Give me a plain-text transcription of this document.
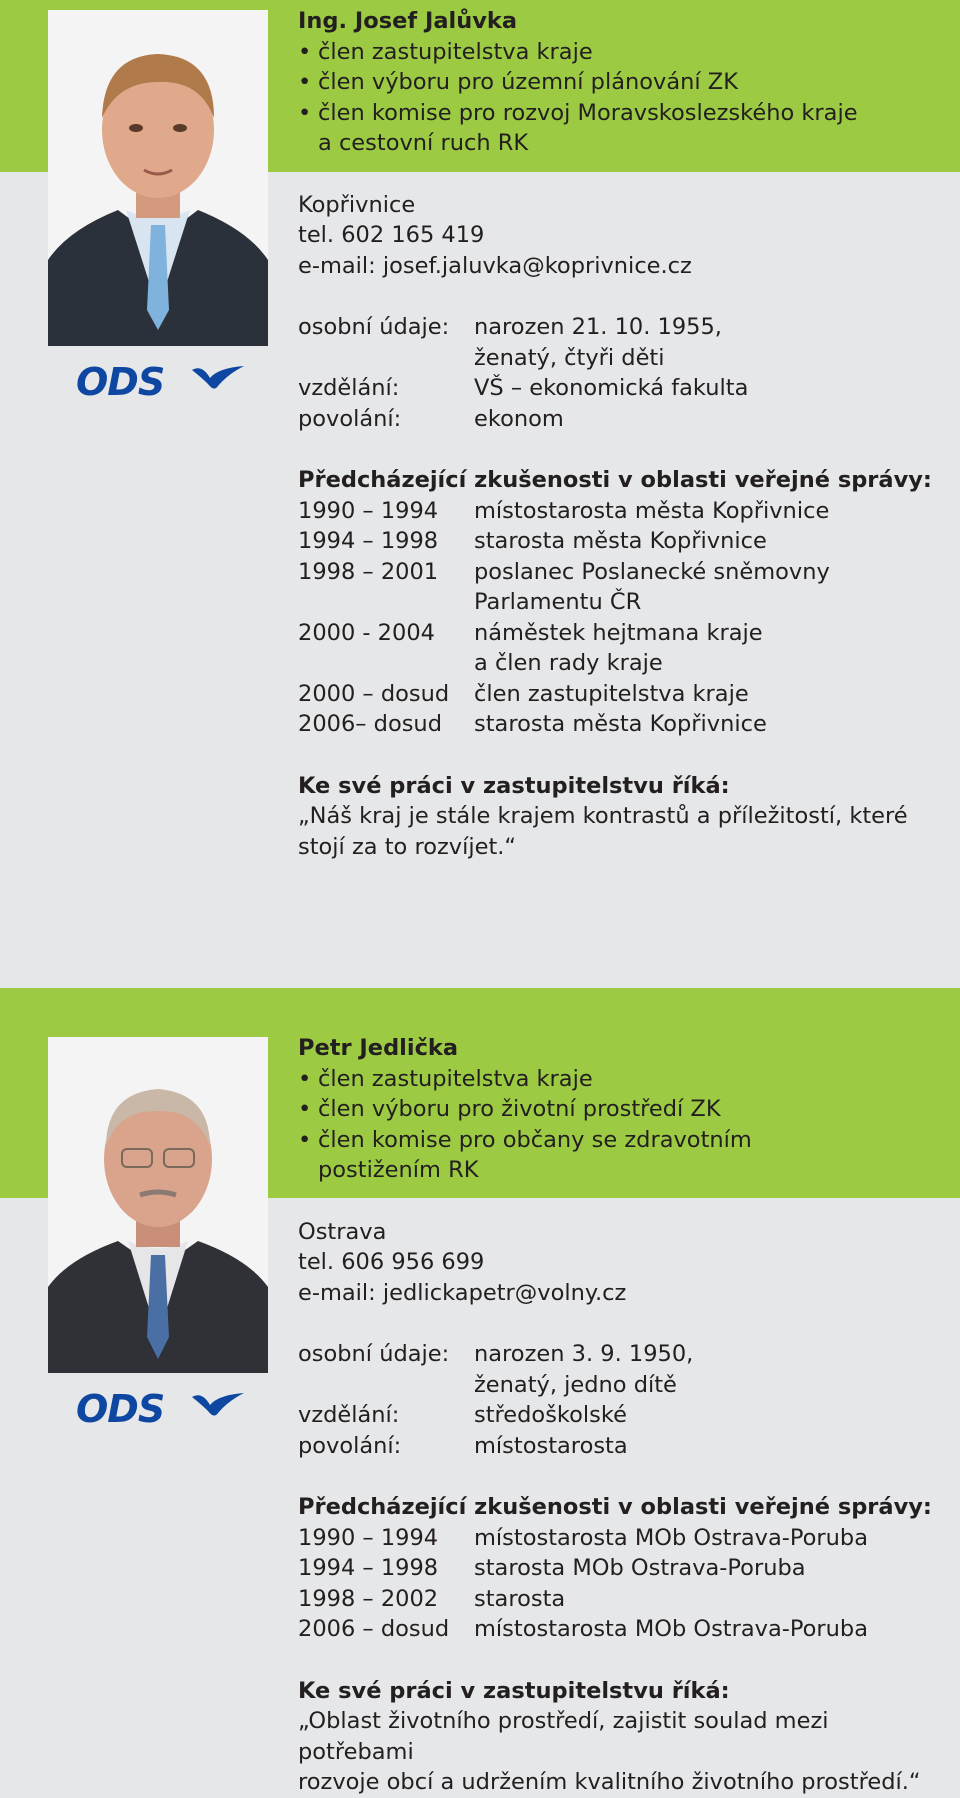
ODS
Ing. Josef Jalůvka
• člen zastupitelstva kraje
• člen výboru pro územní plánování ZK
• člen komise pro rozvoj Moravskoslezského kraje
a cestovní ruch RK
Kopřivnice
tel. 602 165 419
e-mail: josef.jaluvka@koprivnice.cz
osobní údaje:	narozen 21. 10. 1955,
ženatý, čtyři děti
vzdělání:	VŠ – ekonomická fakulta
povolání:	ekonom
Předcházející zkušenosti v oblasti veřejné správy:
1990 – 1994	místostarosta města Kopřivnice
1994 – 1998	starosta města Kopřivnice
1998 – 2001	poslanec Poslanecké sněmovny
Parlamentu ČR
2000 - 2004	náměstek hejtmana kraje
a člen rady kraje
2000 – dosud	člen zastupitelstva kraje
2006– dosud	starosta města Kopřivnice
Ke své práci v zastupitelstvu říká:
„Náš kraj je stále krajem kontrastů a příležitostí, které
stojí za to rozvíjet.“
ODS
Petr Jedlička
• člen zastupitelstva kraje
• člen výboru pro životní prostředí ZK
• člen komise pro občany se zdravotním
postižením RK
Ostrava
tel. 606 956 699
e-mail: jedlickapetr@volny.cz
osobní údaje:	narozen 3. 9. 1950,
ženatý, jedno dítě
vzdělání:	středoškolské
povolání:	místostarosta
Předcházející zkušenosti v oblasti veřejné správy:
1990 – 1994	místostarosta MOb Ostrava-Poruba
1994 – 1998	starosta MOb Ostrava-Poruba
1998 – 2002	starosta
2006 – dosud	místostarosta MOb Ostrava-Poruba
Ke své práci v zastupitelstvu říká:
„Oblast životního prostředí, zajistit soulad mezi potřebami
rozvoje obcí a udržením kvalitního životního prostředí.“
